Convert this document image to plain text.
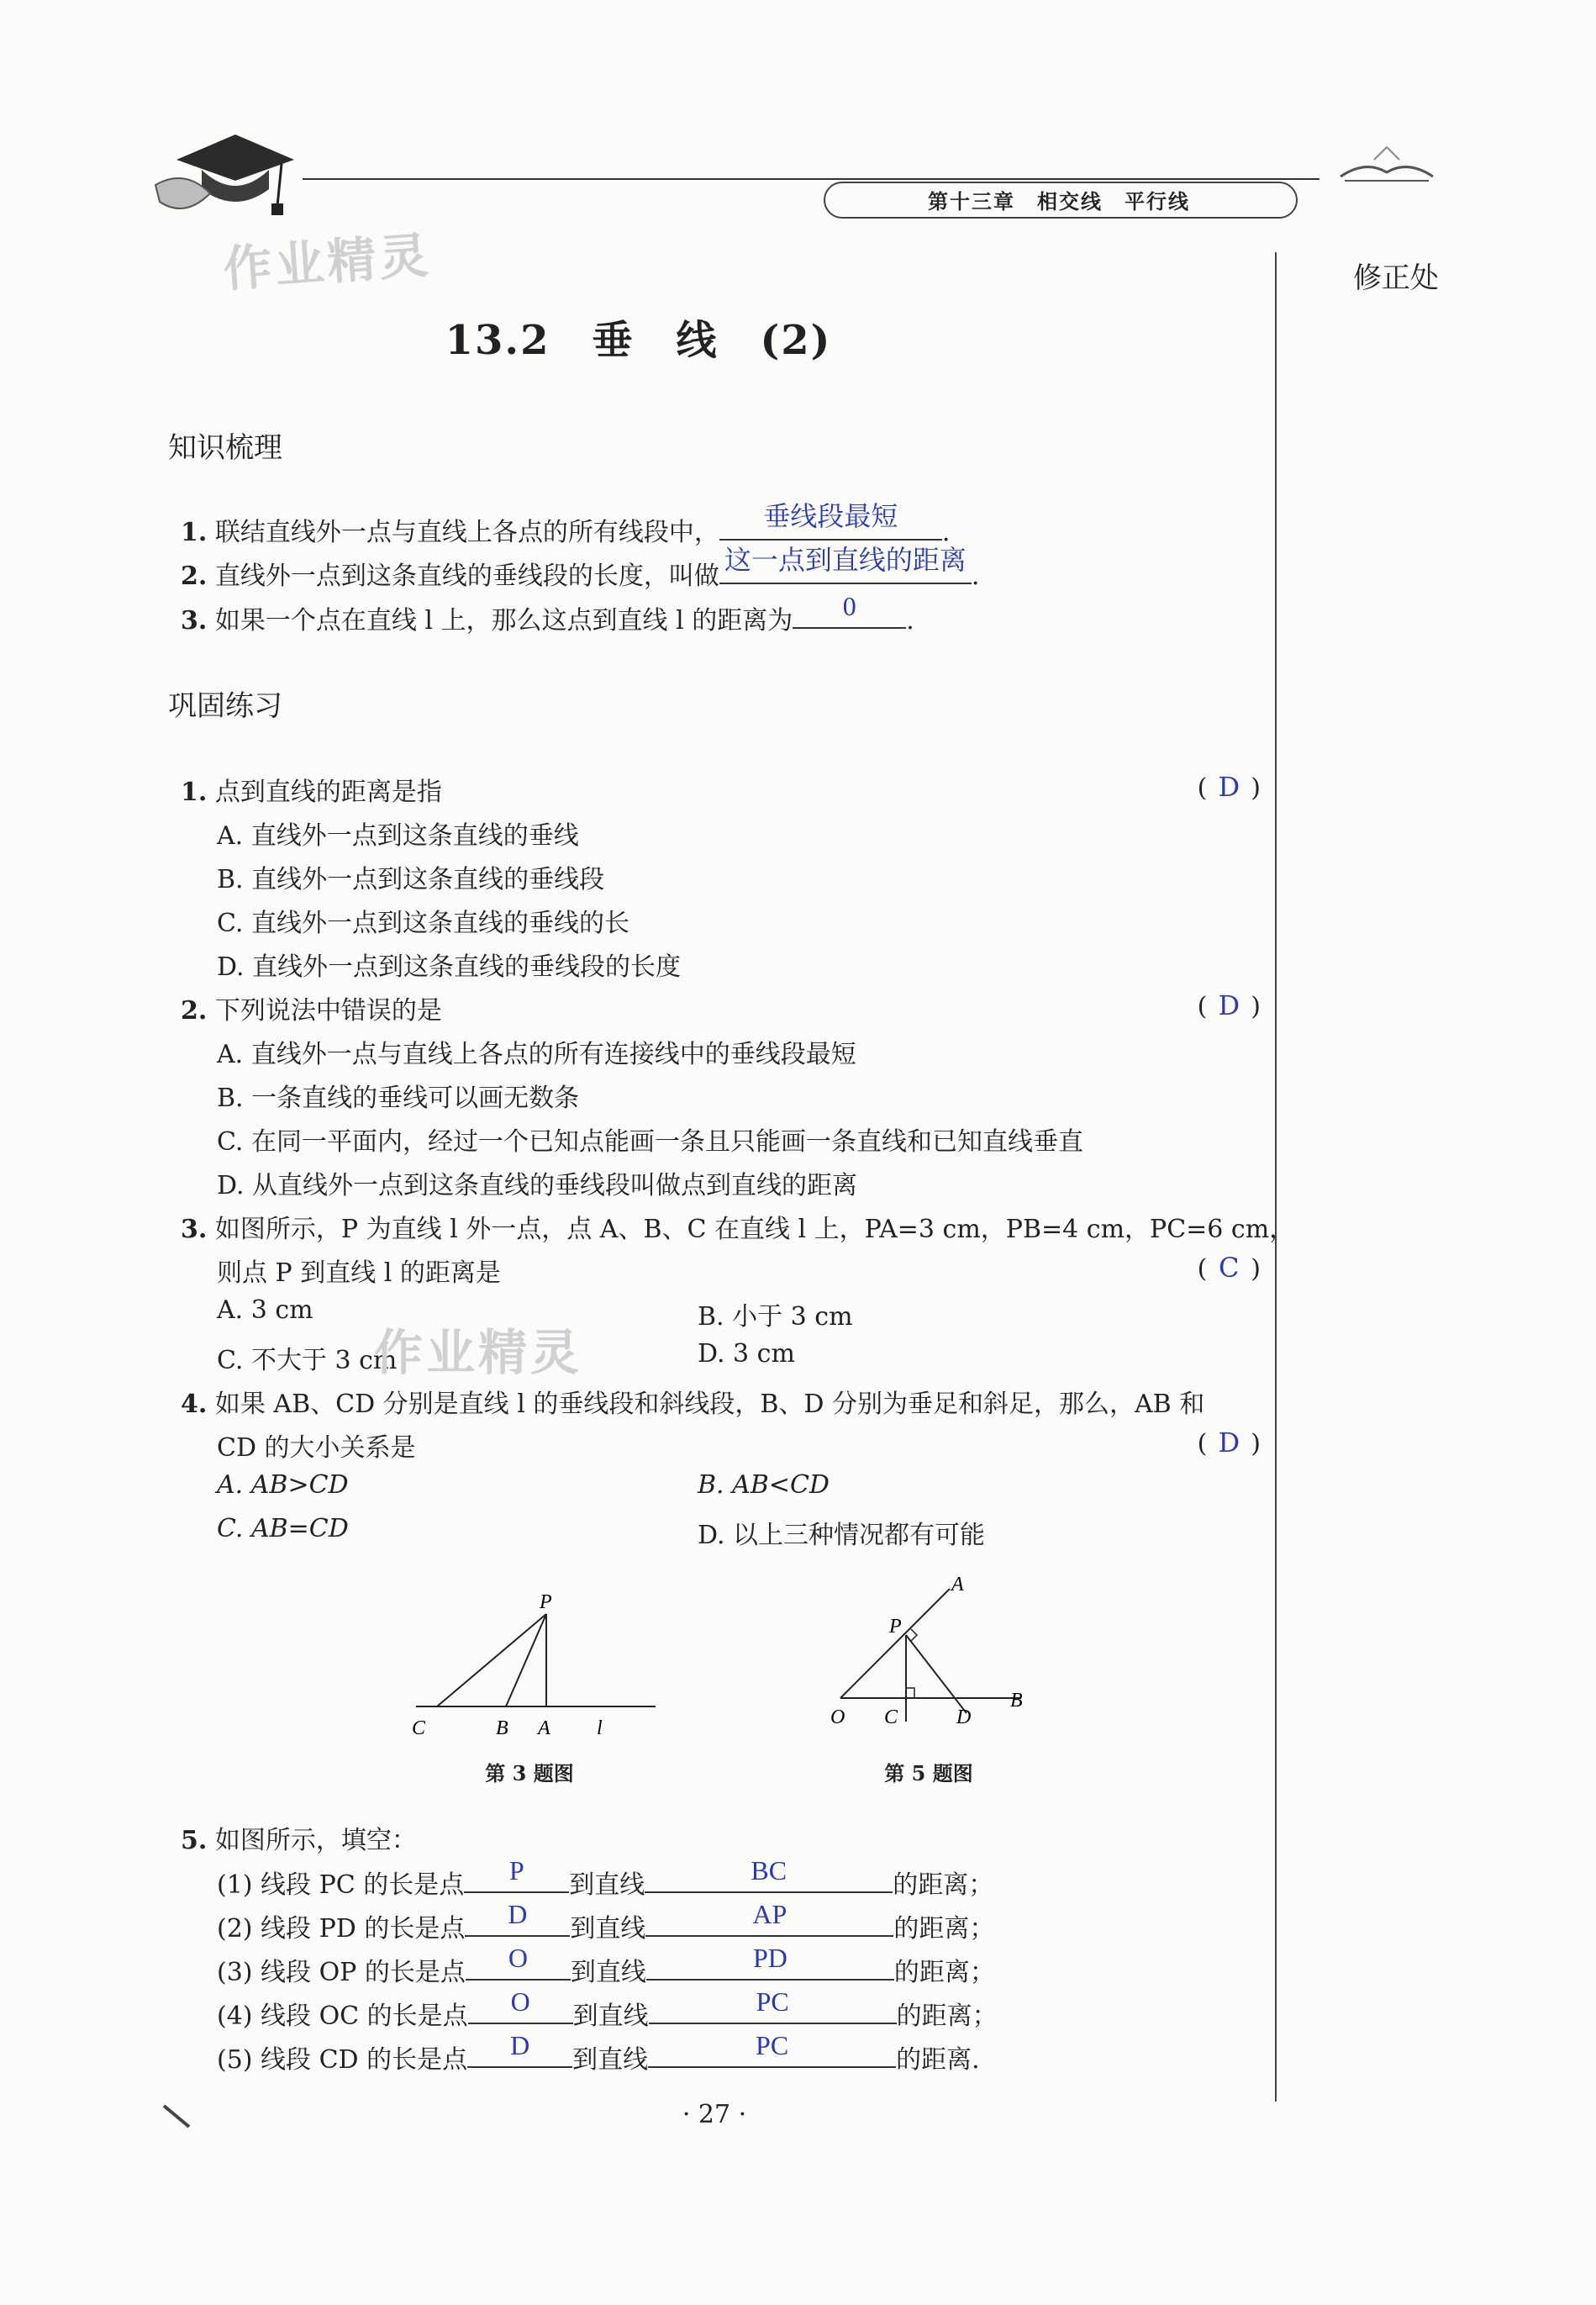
第十三章　相交线　平行线
作业精灵	修正处
13.2　垂　线　(2)
知识梳理
1. 联结直线外一点与直线上各点的所有线段中，
垂线段最短
.
2. 直线外一点到这条直线的垂线段的长度，叫做
这一点到直线的距离
.
3. 如果一个点在直线 l 上，那么这点到直线 l 的距离为	0	.
巩固练习
1. 点到直线的距离是指	( D )
A. 直线外一点到这条直线的垂线
B. 直线外一点到这条直线的垂线段
C. 直线外一点到这条直线的垂线的长
D. 直线外一点到这条直线的垂线段的长度
2. 下列说法中错误的是	( D )
A. 直线外一点与直线上各点的所有连接线中的垂线段最短
B. 一条直线的垂线可以画无数条
C. 在同一平面内，经过一个已知点能画一条且只能画一条直线和已知直线垂直
D. 从直线外一点到这条直线的垂线段叫做点到直线的距离
3. 如图所示，P 为直线 l 外一点，点 A、B、C 在直线 l 上，PA=3 cm，PB=4 cm，PC=6 cm，
则点 P 到直线 l 的距离是	( C )
A. 3 cm	B. 小于 3 cm
C. 不大于 3 cm	D. 3 cm
作业精灵
4. 如果 AB、CD 分别是直线 l 的垂线段和斜线段，B、D 分别为垂足和斜足，那么，AB 和
CD 的大小关系是	( D )
A. AB>CD	B. AB<CD
C. AB=CD	D. 以上三种情况都有可能
P
C	B A l
第 3 题图
A
P
O C	D
B
第 5 题图
5. 如图所示，填空：
(1) 线段 PC 的长是点	P	到直线	BC	的距离；
(2) 线段 PD 的长是点	D	到直线	AP	的距离；
(3) 线段 OP 的长是点	O	到直线	PD	的距离；
(4) 线段 OC 的长是点	O	到直线	PC	的距离；
(5) 线段 CD 的长是点	D	到直线	PC	的距离.
· 27 ·
